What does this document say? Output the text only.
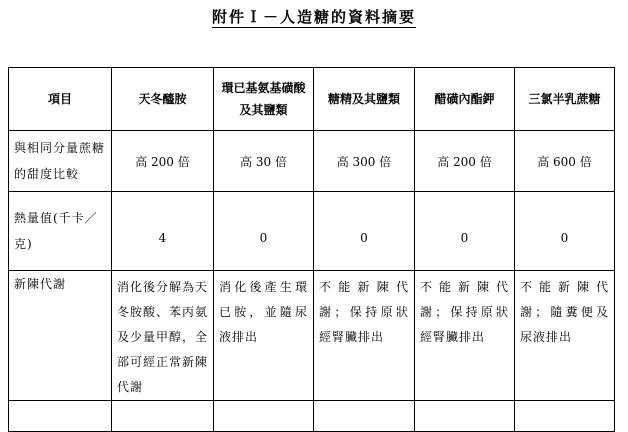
附件Ｉ－人造糖的資料摘要
項目	天冬醯胺	環已基氨基磺酸及其鹽類	糖精及其鹽類	醋磺內酯鉀	三氯半乳蔗糖
與相同分量蔗糖的甜度比較	高 200 倍	高 30 倍	高 300 倍	高 200 倍	高 600 倍
熱量值(千卡／克)	4	0	0	0	0
新陳代謝	消化後分解為天冬胺酸、苯丙氨及少量甲醇，全部可經正常新陳代謝	消化後產生環已胺，並隨尿液排出	不能新陳代謝；保持原狀經腎臟排出	不能新陳代謝；保持原狀經腎臟排出	不能新陳代謝；隨糞便及尿液排出
